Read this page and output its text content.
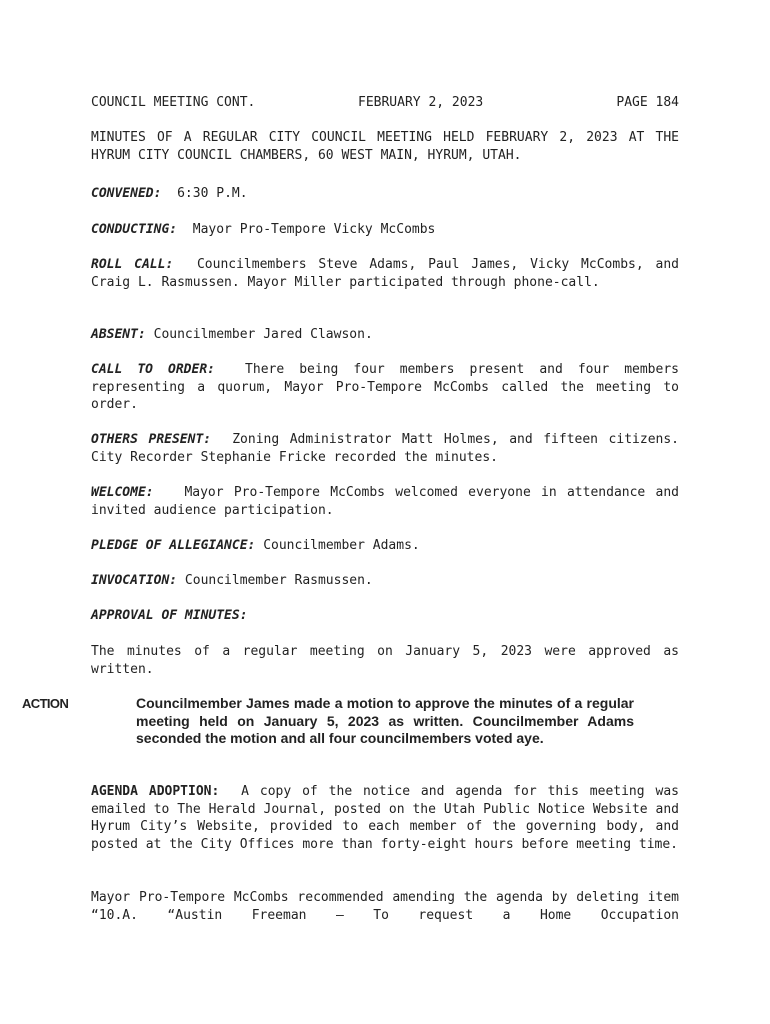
COUNCIL MEETING CONT.	FEBRUARY 2, 2023	PAGE 184

MINUTES OF A REGULAR CITY COUNCIL MEETING HELD FEBRUARY 2, 2023 AT THE HYRUM CITY COUNCIL CHAMBERS, 60 WEST MAIN, HYRUM, UTAH.

CONVENED: 6:30 P.M.

CONDUCTING: Mayor Pro-Tempore Vicky McCombs

ROLL CALL: Councilmembers Steve Adams, Paul James, Vicky McCombs, and Craig L. Rasmussen. Mayor Miller participated through phone-call.

ABSENT: Councilmember Jared Clawson.

CALL TO ORDER: There being four members present and four members representing a quorum, Mayor Pro-Tempore McCombs called the meeting to order.

OTHERS PRESENT: Zoning Administrator Matt Holmes, and fifteen citizens. City Recorder Stephanie Fricke recorded the minutes.

WELCOME: Mayor Pro-Tempore McCombs welcomed everyone in attendance and invited audience participation.

PLEDGE OF ALLEGIANCE: Councilmember Adams.

INVOCATION: Councilmember Rasmussen.

APPROVAL OF MINUTES:

The minutes of a regular meeting on January 5, 2023 were approved as written.

ACTION	Councilmember James made a motion to approve the minutes of a regular meeting held on January 5, 2023 as written. Councilmember Adams seconded the motion and all four councilmembers voted aye.

AGENDA ADOPTION: A copy of the notice and agenda for this meeting was emailed to The Herald Journal, posted on the Utah Public Notice Website and Hyrum City’s Website, provided to each member of the governing body, and posted at the City Offices more than forty-eight hours before meeting time.

Mayor Pro-Tempore McCombs recommended amending the agenda by deleting item “10.A. “Austin Freeman – To request a Home Occupation
